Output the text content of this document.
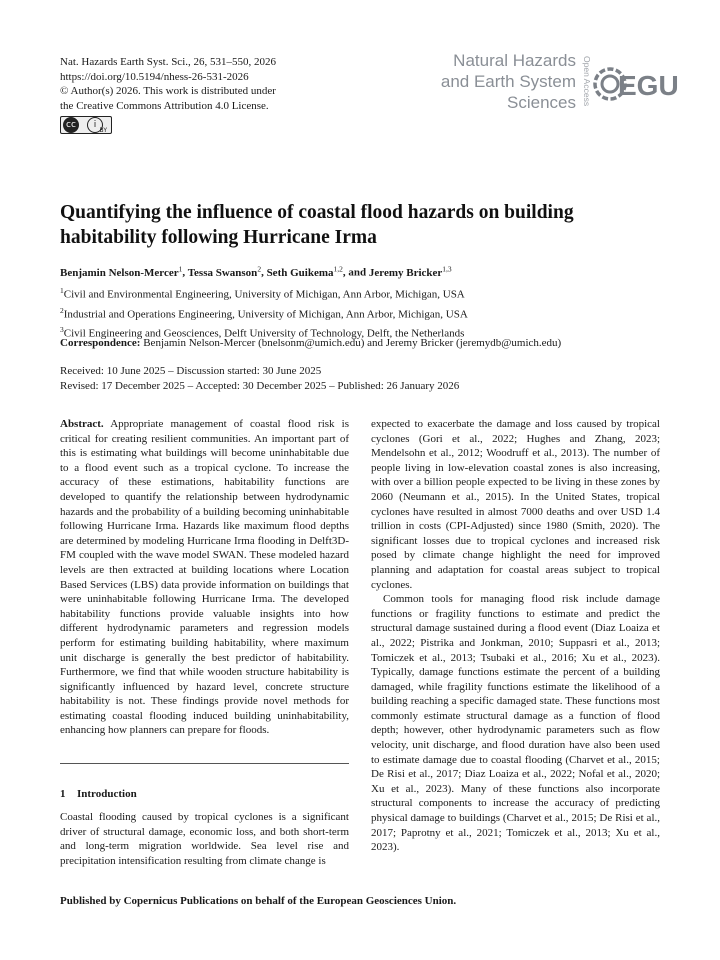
Nat. Hazards Earth Syst. Sci., 26, 531–550, 2026
https://doi.org/10.5194/nhess-26-531-2026
© Author(s) 2026. This work is distributed under
the Creative Commons Attribution 4.0 License.
cc	i
BY
Natural Hazards
and Earth System
Sciences Open Access EGU
Quantifying the influence of coastal flood hazards on building habitability following Hurricane Irma
Benjamin Nelson-Mercer$^1$, Tessa Swanson$^2$, Seth Guikema$^{1,2}$, and Jeremy Bricker$^{1,3}$
$^1$Civil and Environmental Engineering, University of Michigan, Ann Arbor, Michigan, USA
$^2$Industrial and Operations Engineering, University of Michigan, Ann Arbor, Michigan, USA
$^3$Civil Engineering and Geosciences, Delft University of Technology, Delft, the Netherlands
Correspondence: Benjamin Nelson-Mercer (bnelsonm@umich.edu) and Jeremy Bricker (jeremydb@umich.edu)
Received: 10 June 2025 – Discussion started: 30 June 2025
Revised: 17 December 2025 – Accepted: 30 December 2025 – Published: 26 January 2026

Abstract. Appropriate management of coastal flood risk is critical for creating resilient communities. An important part of this is estimating what buildings will become uninhabitable due to a flood event such as a tropical cyclone. To increase the accuracy of these estimations, habitability functions are developed to quantify the relationship between hydrodynamic hazards and the probability of a building becoming uninhabitable following Hurricane Irma. Hazards like maximum flood depths are determined by modeling Hurricane Irma flooding in Delft3D-FM coupled with the wave model SWAN. These modeled hazard levels are then extracted at building locations where Location Based Services (LBS) data provide information on buildings that were uninhabitable following Hurricane Irma. The developed habitability functions provide valuable insights into how different hydrodynamic parameters and regression models perform for estimating building habitability, where maximum unit discharge is generally the best predictor of habitability. Furthermore, we find that while wooden structure habitability is significantly influenced by hazard level, concrete structure habitability is not. These findings provide novel methods for estimating coastal flooding induced building uninhabitability, enhancing how planners can prepare for floods.

1 Introduction

Coastal flooding caused by tropical cyclones is a significant driver of structural damage, economic loss, and both short-term and long-term migration worldwide. Sea level rise and precipitation intensification resulting from climate change is

expected to exacerbate the damage and loss caused by tropical cyclones (Gori et al., 2022; Hughes and Zhang, 2023; Mendelsohn et al., 2012; Woodruff et al., 2013). The number of people living in low-elevation coastal zones is also increasing, with over a billion people expected to be living in these zones by 2060 (Neumann et al., 2015). In the United States, tropical cyclones have resulted in almost 7000 deaths and over USD 1.4 trillion in costs (CPI-Adjusted) since 1980 (Smith, 2020). The significant losses due to tropical cyclones and increased risk posed by climate change highlight the need for improved planning and adaptation for coastal areas subject to tropical cyclones.

Common tools for managing flood risk include damage functions or fragility functions to estimate and predict the structural damage sustained during a flood event (Diaz Loaiza et al., 2022; Pistrika and Jonkman, 2010; Suppasri et al., 2013; Tomiczek et al., 2013; Tsubaki et al., 2016; Xu et al., 2023). Typically, damage functions estimate the percent of a building damaged, while fragility functions estimate the likelihood of a building reaching a specific damaged state. These functions most commonly estimate structural damage as a function of flood depth; however, other hydrodynamic parameters such as flow velocity, unit discharge, and flood duration have also been used to estimate damage due to coastal flooding (Charvet et al., 2015; De Risi et al., 2017; Diaz Loaiza et al., 2022; Nofal et al., 2020; Xu et al., 2023). Many of these functions also incorporate structural components to increase the accuracy of predicting physical damage to buildings (Charvet et al., 2015; De Risi et al., 2017; Paprotny et al., 2021; Tomiczek et al., 2013; Xu et al., 2023).

Published by Copernicus Publications on behalf of the European Geosciences Union.
